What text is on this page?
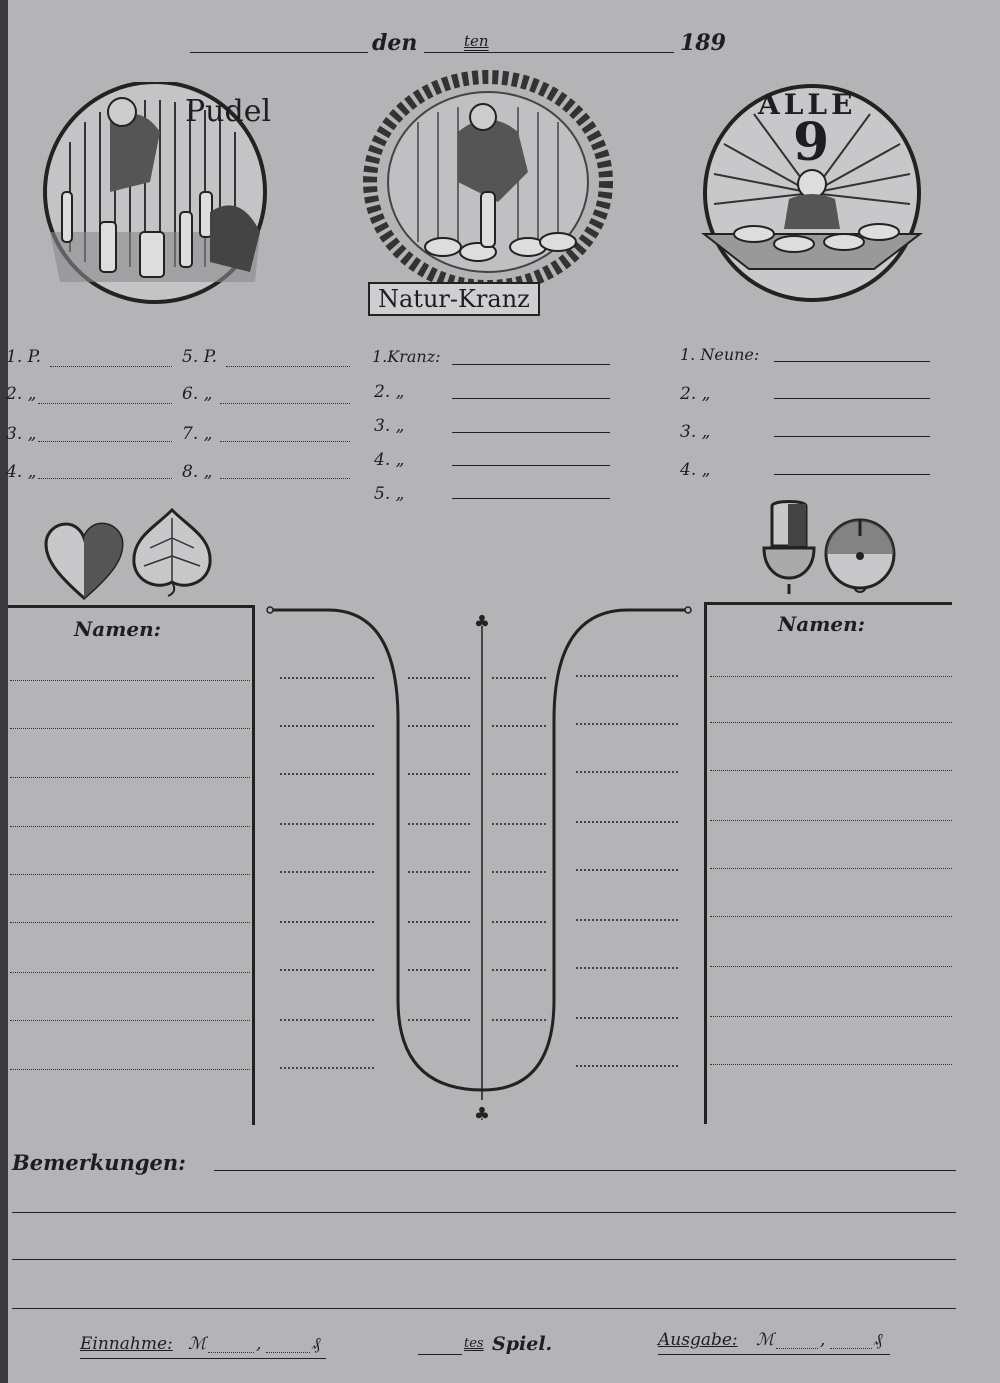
den	ten	189
Pudel
Natur-Kranz
ALLE
9
1. P.
2. „
3. „
4. „
5. P.
6. „
7. „
8. „
1.Kranz:
2. „
3. „
4. „
5. „
1. Neune:
2. „
3. „
4. „
Namen:	Namen:
♣
♣
Bemerkungen:
Einnahme: ℳ	,	₰	tes Spiel.	Ausgabe: ℳ	,	₰
